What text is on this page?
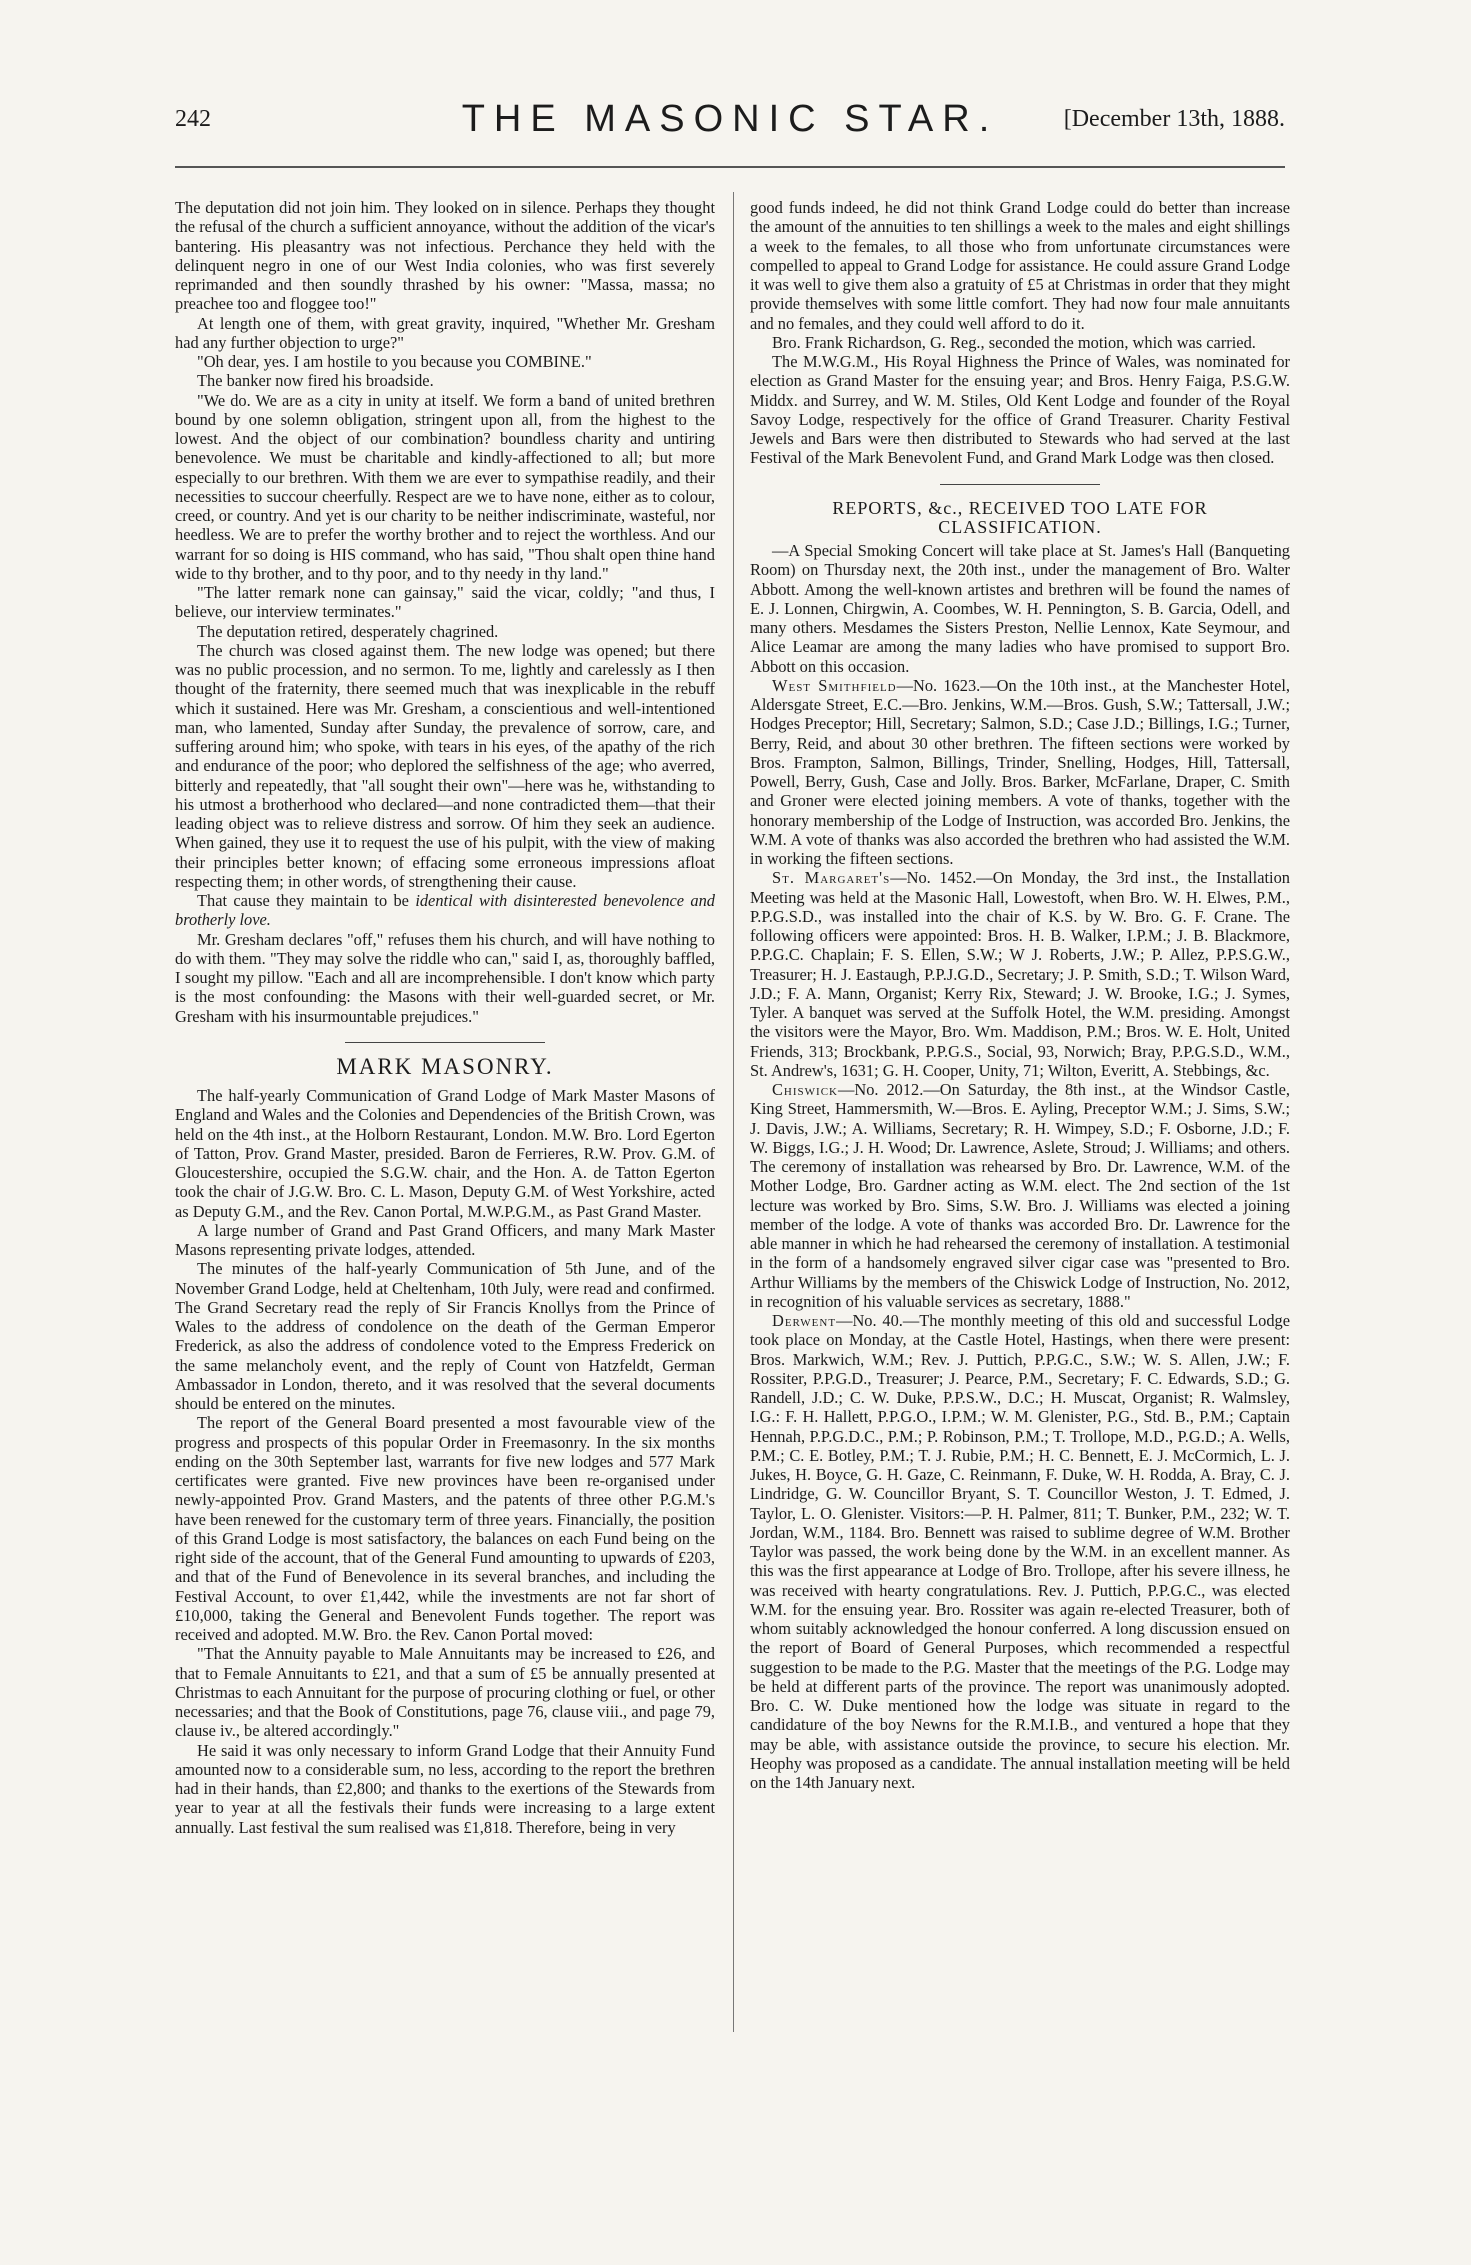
242	THE MASONIC STAR.	[December 13th, 1888.

The deputation did not join him. They looked on in silence. Perhaps they thought the refusal of the church a sufficient annoyance, without the addition of the vicar's bantering. His pleasantry was not infectious. Perchance they held with the delinquent negro in one of our West India colonies, who was first severely reprimanded and then soundly thrashed by his owner: "Massa, massa; no preachee too and floggee too!"

At length one of them, with great gravity, inquired, "Whether Mr. Gresham had any further objection to urge?"

"Oh dear, yes. I am hostile to you because you COMBINE."

The banker now fired his broadside.

"We do. We are as a city in unity at itself. We form a band of united brethren bound by one solemn obligation, stringent upon all, from the highest to the lowest. And the object of our combination? boundless charity and untiring benevolence. We must be charitable and kindly-affectioned to all; but more especially to our brethren. With them we are ever to sympathise readily, and their necessities to succour cheerfully. Respect are we to have none, either as to colour, creed, or country. And yet is our charity to be neither indiscriminate, wasteful, nor heedless. We are to prefer the worthy brother and to reject the worthless. And our warrant for so doing is HIS command, who has said, "Thou shalt open thine hand wide to thy brother, and to thy poor, and to thy needy in thy land."

"The latter remark none can gainsay," said the vicar, coldly; "and thus, I believe, our interview terminates."

The deputation retired, desperately chagrined.

The church was closed against them. The new lodge was opened; but there was no public procession, and no sermon. To me, lightly and carelessly as I then thought of the fraternity, there seemed much that was inexplicable in the rebuff which it sustained. Here was Mr. Gresham, a conscientious and well-intentioned man, who lamented, Sunday after Sunday, the prevalence of sorrow, care, and suffering around him; who spoke, with tears in his eyes, of the apathy of the rich and endurance of the poor; who deplored the selfishness of the age; who averred, bitterly and repeatedly, that "all sought their own"—here was he, withstanding to his utmost a brotherhood who declared—and none contradicted them—that their leading object was to relieve distress and sorrow. Of him they seek an audience. When gained, they use it to request the use of his pulpit, with the view of making their principles better known; of effacing some erroneous impressions afloat respecting them; in other words, of strengthening their cause.

That cause they maintain to be identical with disinterested benevolence and brotherly love.

Mr. Gresham declares "off," refuses them his church, and will have nothing to do with them. "They may solve the riddle who can," said I, as, thoroughly baffled, I sought my pillow. "Each and all are incomprehensible. I don't know which party is the most confounding: the Masons with their well-guarded secret, or Mr. Gresham with his insurmountable prejudices."

MARK MASONRY.

The half-yearly Communication of Grand Lodge of Mark Master Masons of England and Wales and the Colonies and Dependencies of the British Crown, was held on the 4th inst., at the Holborn Restaurant, London. M.W. Bro. Lord Egerton of Tatton, Prov. Grand Master, presided. Baron de Ferrieres, R.W. Prov. G.M. of Gloucestershire, occupied the S.G.W. chair, and the Hon. A. de Tatton Egerton took the chair of J.G.W. Bro. C. L. Mason, Deputy G.M. of West Yorkshire, acted as Deputy G.M., and the Rev. Canon Portal, M.W.P.G.M., as Past Grand Master.

A large number of Grand and Past Grand Officers, and many Mark Master Masons representing private lodges, attended.

The minutes of the half-yearly Communication of 5th June, and of the November Grand Lodge, held at Cheltenham, 10th July, were read and confirmed. The Grand Secretary read the reply of Sir Francis Knollys from the Prince of Wales to the address of condolence on the death of the German Emperor Frederick, as also the address of condolence voted to the Empress Frederick on the same melancholy event, and the reply of Count von Hatzfeldt, German Ambassador in London, thereto, and it was resolved that the several documents should be entered on the minutes.

The report of the General Board presented a most favourable view of the progress and prospects of this popular Order in Freemasonry. In the six months ending on the 30th September last, warrants for five new lodges and 577 Mark certificates were granted. Five new provinces have been re-organised under newly-appointed Prov. Grand Masters, and the patents of three other P.G.M.'s have been renewed for the customary term of three years. Financially, the position of this Grand Lodge is most satisfactory, the balances on each Fund being on the right side of the account, that of the General Fund amounting to upwards of £203, and that of the Fund of Benevolence in its several branches, and including the Festival Account, to over £1,442, while the investments are not far short of £10,000, taking the General and Benevolent Funds together. The report was received and adopted. M.W. Bro. the Rev. Canon Portal moved:

"That the Annuity payable to Male Annuitants may be increased to £26, and that to Female Annuitants to £21, and that a sum of £5 be annually presented at Christmas to each Annuitant for the purpose of procuring clothing or fuel, or other necessaries; and that the Book of Constitutions, page 76, clause viii., and page 79, clause iv., be altered accordingly."

He said it was only necessary to inform Grand Lodge that their Annuity Fund amounted now to a considerable sum, no less, according to the report the brethren had in their hands, than £2,800; and thanks to the exertions of the Stewards from year to year at all the festivals their funds were increasing to a large extent annually. Last festival the sum realised was £1,818. Therefore, being in very

good funds indeed, he did not think Grand Lodge could do better than increase the amount of the annuities to ten shillings a week to the males and eight shillings a week to the females, to all those who from unfortunate circumstances were compelled to appeal to Grand Lodge for assistance. He could assure Grand Lodge it was well to give them also a gratuity of £5 at Christmas in order that they might provide themselves with some little comfort. They had now four male annuitants and no females, and they could well afford to do it.

Bro. Frank Richardson, G. Reg., seconded the motion, which was carried.

The M.W.G.M., His Royal Highness the Prince of Wales, was nominated for election as Grand Master for the ensuing year; and Bros. Henry Faiga, P.S.G.W. Middx. and Surrey, and W. M. Stiles, Old Kent Lodge and founder of the Royal Savoy Lodge, respectively for the office of Grand Treasurer. Charity Festival Jewels and Bars were then distributed to Stewards who had served at the last Festival of the Mark Benevolent Fund, and Grand Mark Lodge was then closed.

REPORTS, &c., RECEIVED TOO LATE FOR CLASSIFICATION.

—A Special Smoking Concert will take place at St. James's Hall (Banqueting Room) on Thursday next, the 20th inst., under the management of Bro. Walter Abbott. Among the well-known artistes and brethren will be found the names of E. J. Lonnen, Chirgwin, A. Coombes, W. H. Pennington, S. B. Garcia, Odell, and many others. Mesdames the Sisters Preston, Nellie Lennox, Kate Seymour, and Alice Leamar are among the many ladies who have promised to support Bro. Abbott on this occasion.

West Smithfield—No. 1623.—On the 10th inst., at the Manchester Hotel, Aldersgate Street, E.C.—Bro. Jenkins, W.M.—Bros. Gush, S.W.; Tattersall, J.W.; Hodges Preceptor; Hill, Secretary; Salmon, S.D.; Case J.D.; Billings, I.G.; Turner, Berry, Reid, and about 30 other brethren. The fifteen sections were worked by Bros. Frampton, Salmon, Billings, Trinder, Snelling, Hodges, Hill, Tattersall, Powell, Berry, Gush, Case and Jolly. Bros. Barker, McFarlane, Draper, C. Smith and Groner were elected joining members. A vote of thanks, together with the honorary membership of the Lodge of Instruction, was accorded Bro. Jenkins, the W.M. A vote of thanks was also accorded the brethren who had assisted the W.M. in working the fifteen sections.

St. Margaret's—No. 1452.—On Monday, the 3rd inst., the Installation Meeting was held at the Masonic Hall, Lowestoft, when Bro. W. H. Elwes, P.M., P.P.G.S.D., was installed into the chair of K.S. by W. Bro. G. F. Crane. The following officers were appointed: Bros. H. B. Walker, I.P.M.; J. B. Blackmore, P.P.G.C. Chaplain; F. S. Ellen, S.W.; W J. Roberts, J.W.; P. Allez, P.P.S.G.W., Treasurer; H. J. Eastaugh, P.P.J.G.D., Secretary; J. P. Smith, S.D.; T. Wilson Ward, J.D.; F. A. Mann, Organist; Kerry Rix, Steward; J. W. Brooke, I.G.; J. Symes, Tyler. A banquet was served at the Suffolk Hotel, the W.M. presiding. Amongst the visitors were the Mayor, Bro. Wm. Maddison, P.M.; Bros. W. E. Holt, United Friends, 313; Brockbank, P.P.G.S., Social, 93, Norwich; Bray, P.P.G.S.D., W.M., St. Andrew's, 1631; G. H. Cooper, Unity, 71; Wilton, Everitt, A. Stebbings, &c.

Chiswick—No. 2012.—On Saturday, the 8th inst., at the Windsor Castle, King Street, Hammersmith, W.—Bros. E. Ayling, Preceptor W.M.; J. Sims, S.W.; J. Davis, J.W.; A. Williams, Secretary; R. H. Wimpey, S.D.; F. Osborne, J.D.; F. W. Biggs, I.G.; J. H. Wood; Dr. Lawrence, Aslete, Stroud; J. Williams; and others. The ceremony of installation was rehearsed by Bro. Dr. Lawrence, W.M. of the Mother Lodge, Bro. Gardner acting as W.M. elect. The 2nd section of the 1st lecture was worked by Bro. Sims, S.W. Bro. J. Williams was elected a joining member of the lodge. A vote of thanks was accorded Bro. Dr. Lawrence for the able manner in which he had rehearsed the ceremony of installation. A testimonial in the form of a handsomely engraved silver cigar case was "presented to Bro. Arthur Williams by the members of the Chiswick Lodge of Instruction, No. 2012, in recognition of his valuable services as secretary, 1888."

Derwent—No. 40.—The monthly meeting of this old and successful Lodge took place on Monday, at the Castle Hotel, Hastings, when there were present: Bros. Markwich, W.M.; Rev. J. Puttich, P.P.G.C., S.W.; W. S. Allen, J.W.; F. Rossiter, P.P.G.D., Treasurer; J. Pearce, P.M., Secretary; F. C. Edwards, S.D.; G. Randell, J.D.; C. W. Duke, P.P.S.W., D.C.; H. Muscat, Organist; R. Walmsley, I.G.: F. H. Hallett, P.P.G.O., I.P.M.; W. M. Glenister, P.G., Std. B., P.M.; Captain Hennah, P.P.G.D.C., P.M.; P. Robinson, P.M.; T. Trollope, M.D., P.G.D.; A. Wells, P.M.; C. E. Botley, P.M.; T. J. Rubie, P.M.; H. C. Bennett, E. J. McCormich, L. J. Jukes, H. Boyce, G. H. Gaze, C. Reinmann, F. Duke, W. H. Rodda, A. Bray, C. J. Lindridge, G. W. Councillor Bryant, S. T. Councillor Weston, J. T. Edmed, J. Taylor, L. O. Glenister. Visitors:—P. H. Palmer, 811; T. Bunker, P.M., 232; W. T. Jordan, W.M., 1184. Bro. Bennett was raised to sublime degree of W.M. Brother Taylor was passed, the work being done by the W.M. in an excellent manner. As this was the first appearance at Lodge of Bro. Trollope, after his severe illness, he was received with hearty congratulations. Rev. J. Puttich, P.P.G.C., was elected W.M. for the ensuing year. Bro. Rossiter was again re-elected Treasurer, both of whom suitably acknowledged the honour conferred. A long discussion ensued on the report of Board of General Purposes, which recommended a respectful suggestion to be made to the P.G. Master that the meetings of the P.G. Lodge may be held at different parts of the province. The report was unanimously adopted. Bro. C. W. Duke mentioned how the lodge was situate in regard to the candidature of the boy Newns for the R.M.I.B., and ventured a hope that they may be able, with assistance outside the province, to secure his election. Mr. Heophy was proposed as a candidate. The annual installation meeting will be held on the 14th January next.
